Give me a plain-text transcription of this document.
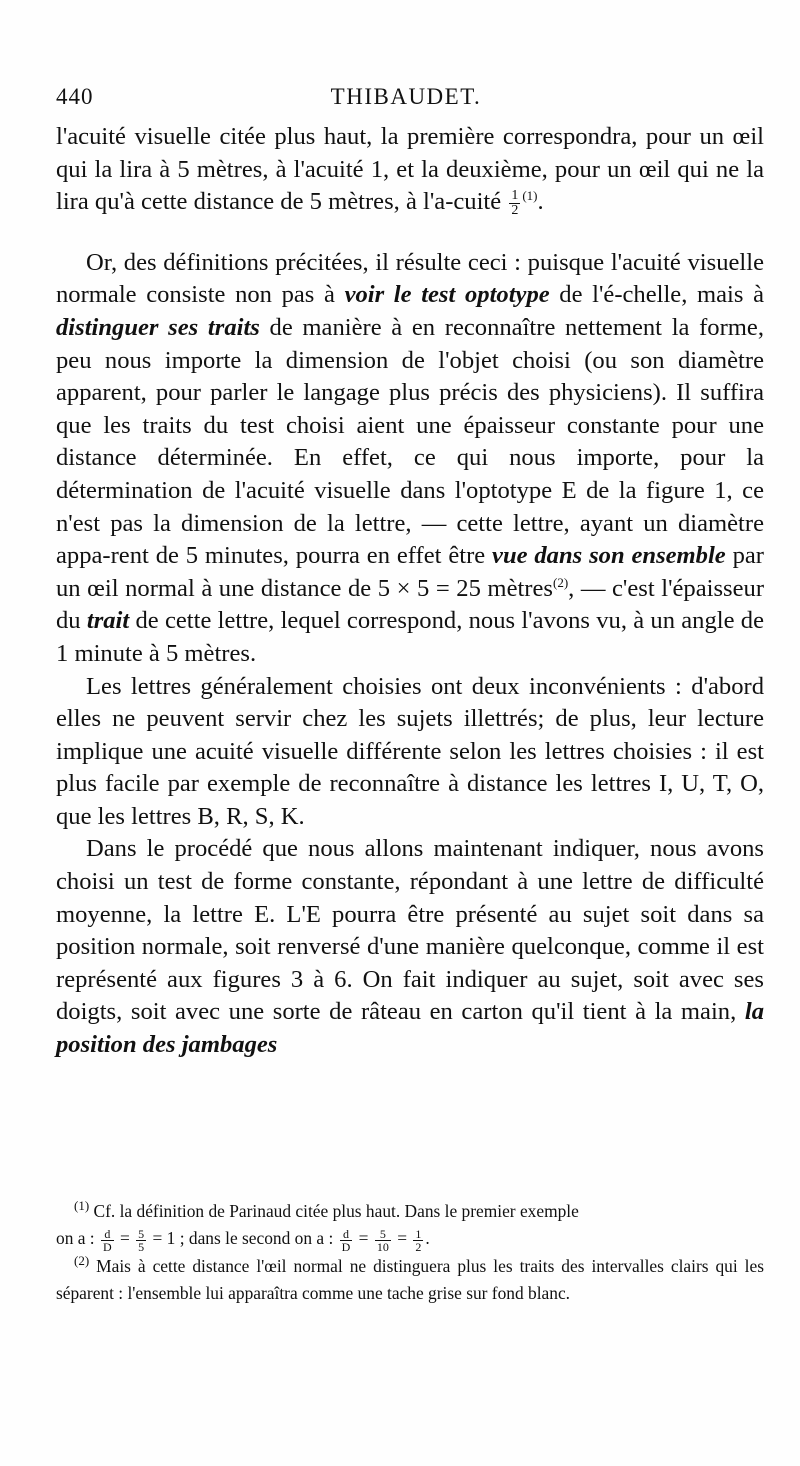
440	THIBAUDET.

l'acuité visuelle citée plus haut, la première correspondra, pour un œil qui la lira à 5 mètres, à l'acuité 1, et la deuxième, pour un œil qui ne la lira qu'à cette distance de 5 mètres, à l'a-cuité $\frac{1}{2} ^{(1)}$.

Or, des définitions précitées, il résulte ceci : puisque l'acuité visuelle normale consiste non pas à voir le test optotype de l'é-chelle, mais à distinguer ses traits de manière à en reconnaître nettement la forme, peu nous importe la dimension de l'objet choisi (ou son diamètre apparent, pour parler le langage plus précis des physiciens). Il suffira que les traits du test choisi aient une épaisseur constante pour une distance déterminée. En effet, ce qui nous importe, pour la détermination de l'acuité visuelle dans l'optotype E de la figure 1, ce n'est pas la dimension de la lettre, — cette lettre, ayant un diamètre appa-rent de 5 minutes, pourra en effet être vue dans son ensemble par un œil normal à une distance de 5 × 5 = 25 mètres$^{(2)}$, — c'est l'épaisseur du trait de cette lettre, lequel correspond, nous l'avons vu, à un angle de 1 minute à 5 mètres.

Les lettres généralement choisies ont deux inconvénients : d'abord elles ne peuvent servir chez les sujets illettrés; de plus, leur lecture implique une acuité visuelle différente selon les lettres choisies : il est plus facile par exemple de reconnaître à distance les lettres I, U, T, O, que les lettres B, R, S, K.

Dans le procédé que nous allons maintenant indiquer, nous avons choisi un test de forme constante, répondant à une lettre de difficulté moyenne, la lettre E. L'E pourra être présenté au sujet soit dans sa position normale, soit renversé d'une manière quelconque, comme il est représenté aux figures 3 à 6. On fait indiquer au sujet, soit avec ses doigts, soit avec une sorte de râteau en carton qu'il tient à la main, la position des jambages

$^{(1)}$ Cf. la définition de Parinaud citée plus haut. Dans le premier exemple

on a : $\frac{d}{D} = \frac{5}{5} = 1$ ; dans le second on a : $\frac{d}{D} = \frac{5}{10} = \frac{1}{2}$ .

$^{(2)}$ Mais à cette distance l'œil normal ne distinguera plus les traits des intervalles clairs qui les séparent : l'ensemble lui apparaîtra comme une tache grise sur fond blanc.
